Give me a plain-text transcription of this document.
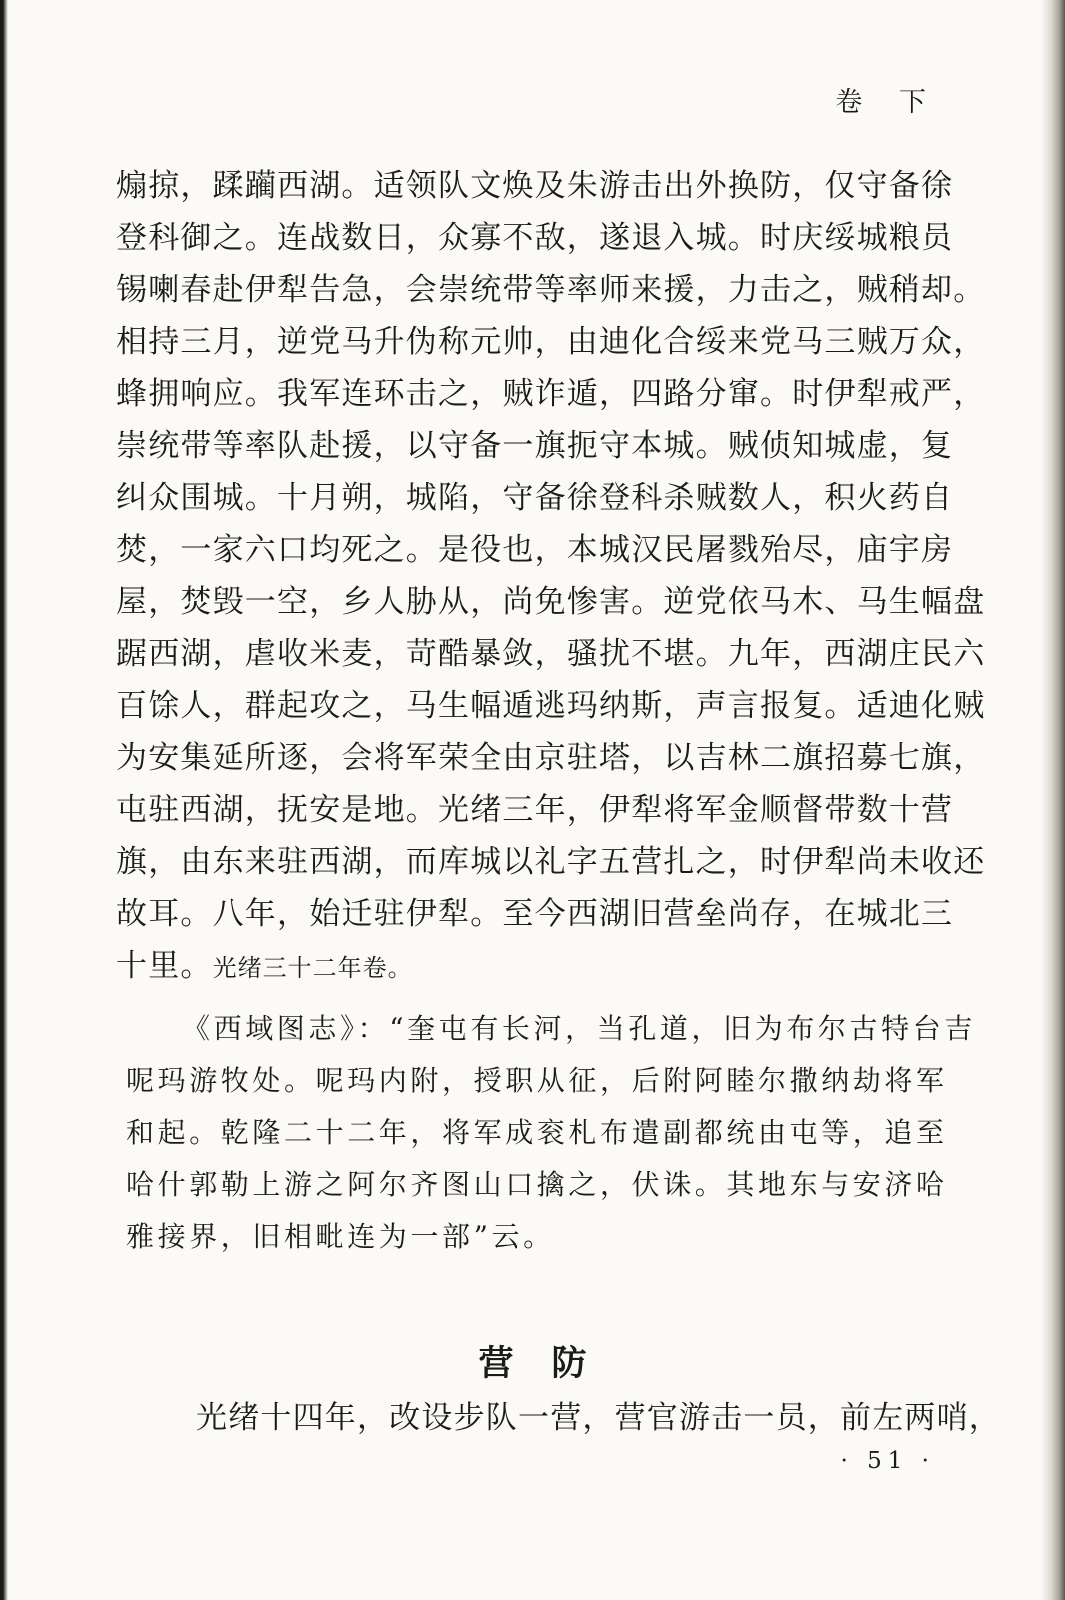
卷 下
煽掠，蹂躏西湖。适领队文焕及朱游击出外换防，仅守备徐
登科御之。连战数日，众寡不敌，遂退入城。时庆绥城粮员
锡喇春赴伊犁告急，会崇统带等率师来援，力击之，贼稍却。
相持三月，逆党马升伪称元帅，由迪化合绥来党马三贼万众，
蜂拥响应。我军连环击之，贼诈遁，四路分窜。时伊犁戒严，
崇统带等率队赴援，以守备一旗扼守本城。贼侦知城虚，复
纠众围城。十月朔，城陷，守备徐登科杀贼数人，积火药自
焚，一家六口均死之。是役也，本城汉民屠戮殆尽，庙宇房
屋，焚毁一空，乡人胁从，尚免惨害。逆党依马木、马生幅盘
踞西湖，虐收米麦，苛酷暴敛，骚扰不堪。九年，西湖庄民六
百馀人，群起攻之，马生幅遁逃玛纳斯，声言报复。适迪化贼
为安集延所逐，会将军荣全由京驻塔，以吉林二旗招募七旗，
屯驻西湖，抚安是地。光绪三年，伊犁将军金顺督带数十营
旗，由东来驻西湖，而库城以礼字五营扎之，时伊犁尚未收还
故耳。八年，始迁驻伊犁。至今西湖旧营垒尚存，在城北三
十里。光绪三十二年卷。
《西域图志》：“奎屯有长河，当孔道，旧为布尔古特台吉
呢玛游牧处。呢玛内附，授职从征，后附阿睦尔撒纳劫将军
和起。乾隆二十二年，将军成衮札布遣副都统由屯等，追至
哈什郭勒上游之阿尔齐图山口擒之，伏诛。其地东与安济哈
雅接界，旧相毗连为一部”云。
营防
光绪十四年，改设步队一营，营官游击一员，前左两哨，
· 51 ·
